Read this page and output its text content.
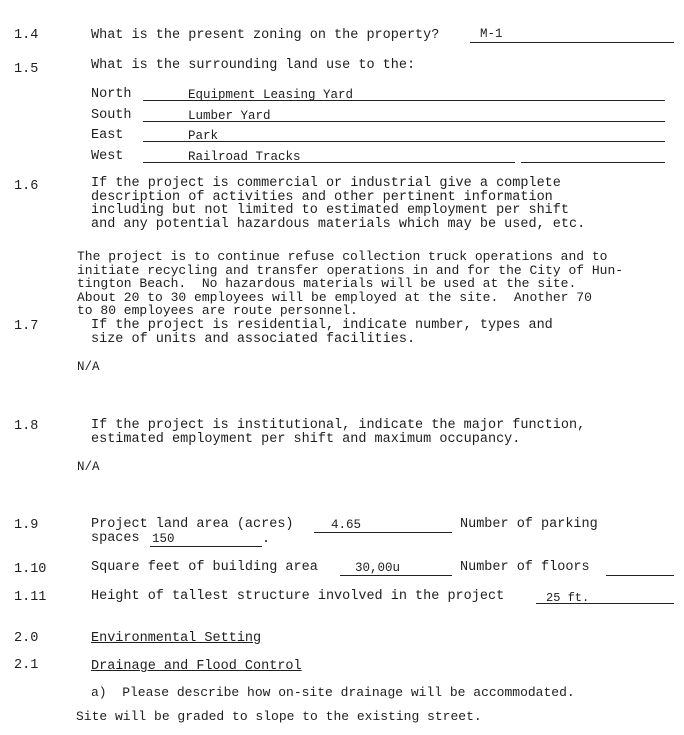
1.4	What is the present zoning on the property?	M-1
1.5	What is the surrounding land use to the:
North	Equipment Leasing Yard
South	Lumber Yard
East	Park
West	Railroad Tracks
1.6	If the project is commercial or industrial give a complete
description of activities and other pertinent information
including but not limited to estimated employment per shift
and any potential hazardous materials which may be used, etc.
The project is to continue refuse collection truck operations and to
initiate recycling and transfer operations in and for the City of Hun-
tington Beach.  No hazardous materials will be used at the site.
About 20 to 30 employees will be employed at the site.  Another 70
to 80 employees are route personnel.
1.7	If the project is residential, indicate number, types and
size of units and associated facilities.
N/A
1.8	If the project is institutional, indicate the major function,
estimated employment per shift and maximum occupancy.
N/A
1.9	Project land area (acres)	4.65	Number of parking
spaces 150	.
1.10	Square feet of building area	30,00u	Number of floors
1.11	Height of tallest structure involved in the project	25 ft.
2.0	Environmental Setting
2.1	Drainage and Flood Control
a)  Please describe how on-site drainage will be accommodated.
Site will be graded to slope to the existing street.
